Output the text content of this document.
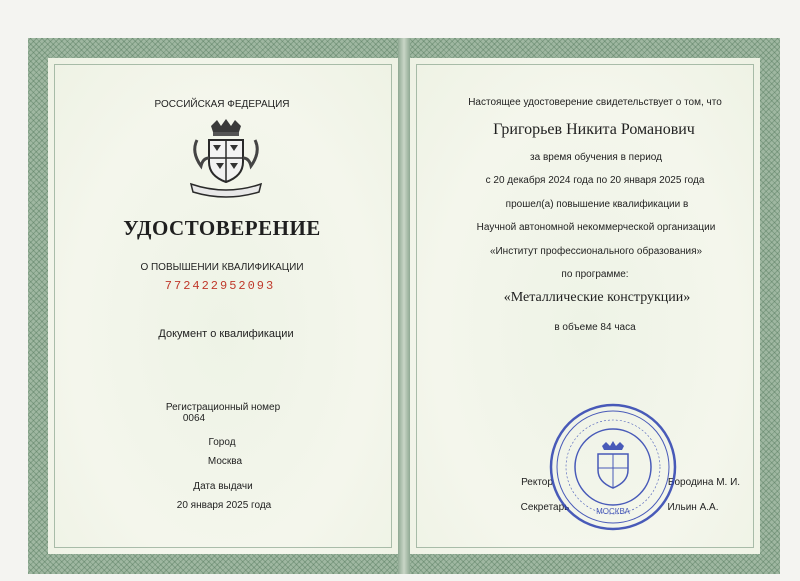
РОССИЙСКАЯ ФЕДЕРАЦИЯ
УДОСТОВЕРЕНИЕ
О ПОВЫШЕНИИ КВАЛИФИКАЦИИ
772422952093
Документ о квалификации
Регистрационный номер
0064
Город
Москва
Дата выдачи
20 января 2025 года
Настоящее удостоверение свидетельствует о том, что
Григорьев Никита Романович
за время обучения в период
с 20 декабря 2024 года по 20 января 2025 года
прошел(а) повышение квалификации в
Научной автономной некоммерческой организации
«Институт профессионального образования»
по программе:
«Металлические конструкции»
в объеме 84 часа
Ректор	Бородина М. И.
Секретарь	Ильин А.А.
МОСКВА
